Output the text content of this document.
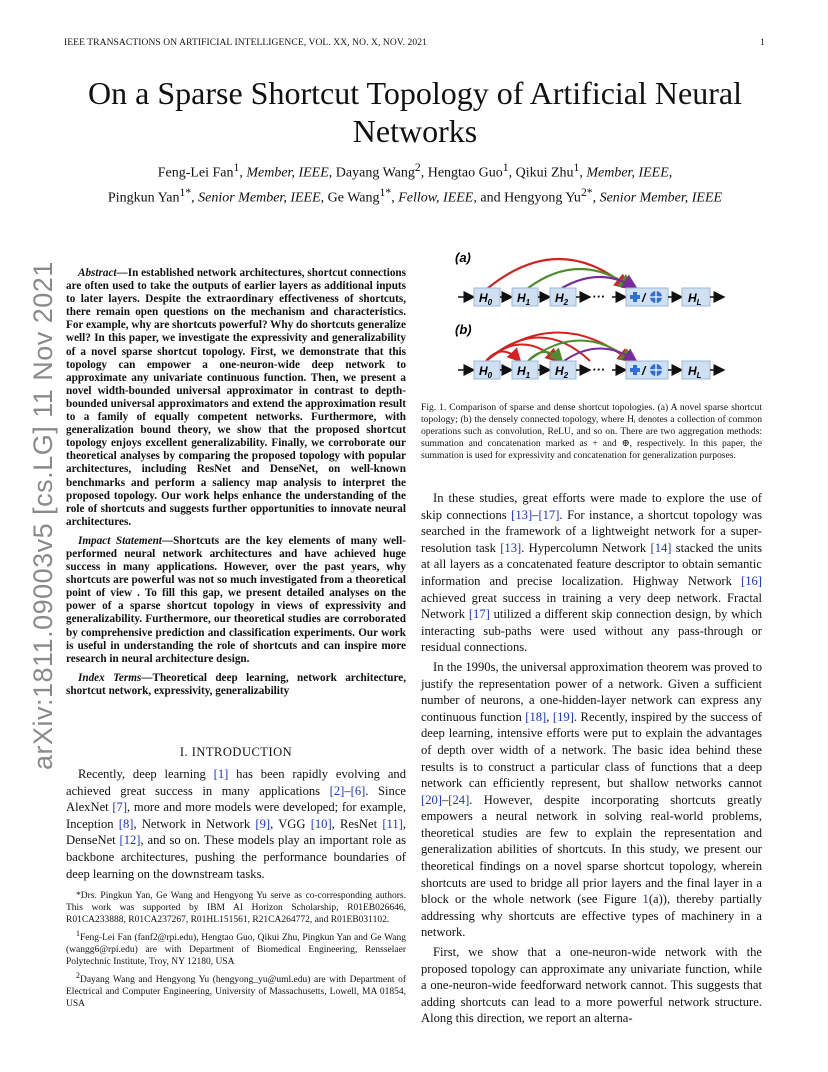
IEEE TRANSACTIONS ON ARTIFICIAL INTELLIGENCE, VOL. XX, NO. X, NOV. 2021	1
On a Sparse Shortcut Topology of Artificial Neural
Networks
Feng-Lei Fan$^1$, Member, IEEE, Dayang Wang$^2$, Hengtao Guo$^1$, Qikui Zhu$^1$, Member, IEEE,
Pingkun Yan$^{1*}$, Senior Member, IEEE, Ge Wang$^{1*}$, Fellow, IEEE, and Hengyong $Yu^{2*}$, Senior Member, IEEE
arXiv:1811.09003v5 [cs.LG] 11 Nov 2021	Abstract—In established network architectures, shortcut connections are often used to take the outputs of earlier layers as additional inputs to later layers. Despite the extraordinary effectiveness of shortcuts, there remain open questions on the mechanism and characteristics. For example, why are shortcuts powerful? Why do shortcuts generalize well? In this paper, we investigate the expressivity and generalizability of a novel sparse shortcut topology. First, we demonstrate that this topology can empower a one-neuron-wide deep network to approximate any univariate continuous function. Then, we present a novel width-bounded universal approximator in contrast to depth-bounded universal approximators and extend the approximation result to a family of equally competent networks. Furthermore, with generalization bound theory, we show that the proposed shortcut topology enjoys excellent generalizability. Finally, we corroborate our theoretical analyses by comparing the proposed topology with popular architectures, including ResNet and DenseNet, on well-known benchmarks and perform a saliency map analysis to interpret the proposed topology. Our work helps enhance the understanding of the role of shortcuts and suggests further opportunities to innovate neural architectures.

Impact Statement—Shortcuts are the key elements of many well-performed neural network architectures and have achieved huge success in many applications. However, over the past years, why shortcuts are powerful was not so much investigated from a theoretical point of view . To fill this gap, we present detailed analyses on the power of a sparse shortcut topology in views of expressivity and generalizability. Furthermore, our theoretical studies are corroborated by comprehensive prediction and classification experiments. Our work is useful in understanding the role of shortcuts and can inspire more research in neural architecture design.

Index Terms—Theoretical deep learning, network architecture, shortcut network, expressivity, generalizability

I. INTRODUCTION

Recently, deep learning [1] has been rapidly evolving and achieved great success in many applications [2]–[6]. Since AlexNet [7], more and more models were developed; for example, Inception [8], Network in Network [9], VGG [10], ResNet [11], DenseNet [12], and so on. These models play an important role as backbone architectures, pushing the performance boundaries of deep learning on the downstream tasks.

*Drs. Pingkun Yan, Ge Wang and Hengyong Yu serve as co-corresponding authors. This work was supported by IBM AI Horizon Scholarship, R01EB026646, R01CA233888, R01CA237267, R01HL151561, R21CA264772, and R01EB031102.

$^1$Feng-Lei Fan (fanf2@rpi.edu), Hengtao Guo, Qikui Zhu, Pingkun Yan and Ge Wang (wangg6@rpi.edu) are with Department of Biomedical Engineering, Rensselaer Polytechnic Institute, Troy, NY 12180, USA

$^2$Dayang Wang and Hengyong Yu (hengyong_yu@uml.edu) are with Department of Electrical and Computer Engineering, University of Massachusetts, Lowell, MA 01854, USA

(a)
$H_0$ $H_1$ $H_2$ ···	/	$H_L$
(b)
$H_0$ $H_1$ $H_2$ ···	/	$H_L$
Fig. 1. Comparison of sparse and dense shortcut topologies. (a) A novel sparse shortcut topology; (b) the densely connected topology, where Hᵢ denotes a collection of common operations such as convolution, ReLU, and so on. There are two aggregation methods: summation and concatenation marked as + and ⊕, respectively. In this paper, the summation is used for expressivity and concatenation for generalization purposes.

In these studies, great efforts were made to explore the use of skip connections [13]–[17]. For instance, a shortcut topology was searched in the framework of a lightweight network for a super-resolution task [13]. Hypercolumn Network [14] stacked the units at all layers as a concatenated feature descriptor to obtain semantic information and precise localization. Highway Network [16] achieved great success in training a very deep network. Fractal Network [17] utilized a different skip connection design, by which interacting sub-paths were used without any pass-through or residual connections.

In the 1990s, the universal approximation theorem was proved to justify the representation power of a network. Given a sufficient number of neurons, a one-hidden-layer network can express any continuous function [18], [19]. Recently, inspired by the success of deep learning, intensive efforts were put to explain the advantages of depth over width of a network. The basic idea behind these results is to construct a particular class of functions that a deep network can efficiently represent, but shallow networks cannot [20]–[24]. However, despite incorporating shortcuts greatly empowers a neural network in solving real-world problems, theoretical studies are few to explain the representation and generalization abilities of shortcuts. In this study, we present our theoretical findings on a novel sparse shortcut topology, wherein shortcuts are used to bridge all prior layers and the final layer in a block or the whole network (see Figure 1(a)), thereby partially addressing why shortcuts are effective types of machinery in a network.

First, we show that a one-neuron-wide network with the proposed topology can approximate any univariate function, while a one-neuron-wide feedforward network cannot. This suggests that adding shortcuts can lead to a more powerful network structure. Along this direction, we report an alterna-
